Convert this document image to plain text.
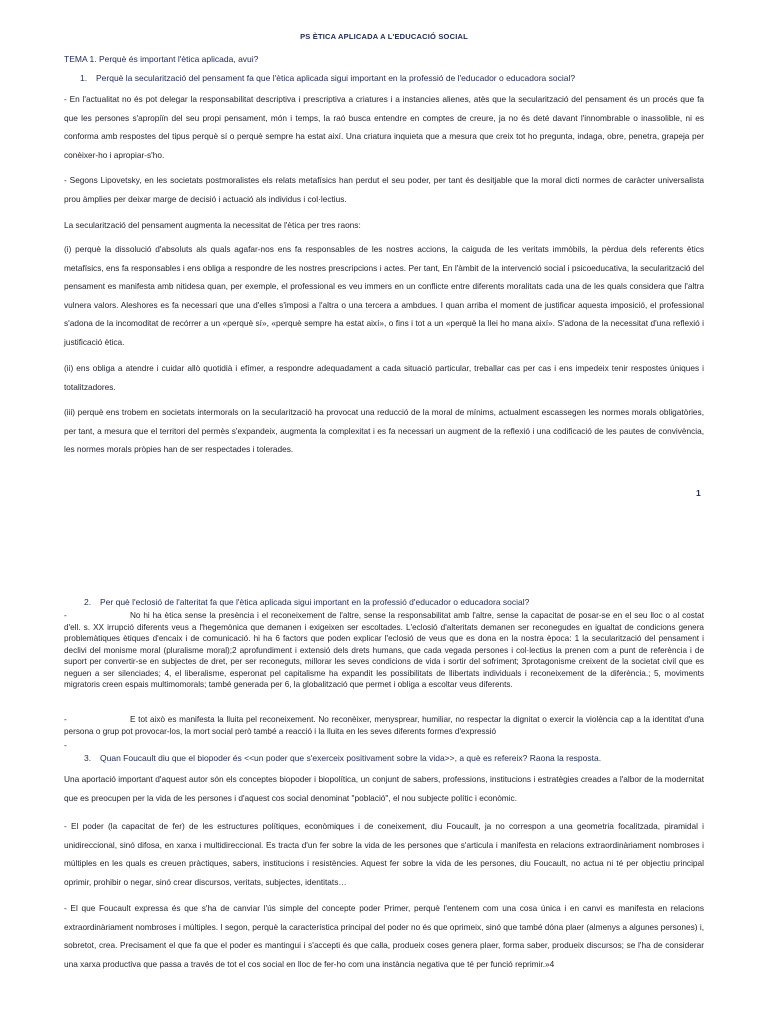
PS ÈTICA APLICADA A L'EDUCACIÓ SOCIAL
TEMA 1. Perquè és important l'ètica aplicada, avui?
1. Perquè la secularització del pensament fa que l'ètica aplicada sigui important en la professió de l'educador o educadora social?
- En l'actualitat no és pot delegar la responsabilitat descriptiva i prescriptiva a criatures i a instancies alienes, atès que la secularització del pensament és un procés que fa que les persones s'apropiïn del seu propi pensament, món i temps, la raó busca entendre en comptes de creure, ja no és deté davant l'innombrable o inassolible, ni es conforma amb respostes del tipus perquè sí o perquè sempre ha estat així. Una criatura inquieta que a mesura que creix tot ho pregunta, indaga, obre, penetra, grapeja per conèixer-ho i apropiar-s'ho.
- Segons Lipovetsky, en les societats postmoralistes els relats metafísics han perdut el seu poder, per tant és desitjable que la moral dicti normes de caràcter universalista prou àmplies per deixar marge de decisió i actuació als individus i col·lectius.
La secularització del pensament augmenta la necessitat de l'ètica per tres raons:
(i) perquè la dissolució d'absoluts als quals agafar-nos ens fa responsables de les nostres accions, la caiguda de les veritats immòbils, la pèrdua dels referents ètics metafísics, ens fa responsables i ens obliga a respondre de les nostres prescripcions i actes. Per tant, En l'àmbit de la intervenció social i psicoeducativa, la secularització del pensament es manifesta amb nitidesa quan, per exemple, el professional es veu immers en un conflicte entre diferents moralitats cada una de les quals considera que l'altra vulnera valors. Aleshores es fa necessari que una d'elles s'imposi a l'altra o una tercera a ambdues. I quan arriba el moment de justificar aquesta imposició, el professional s'adona de la incomoditat de recórrer a un «perquè sí», «perquè sempre ha estat així», o fins i tot a un «perquè la llei ho mana així». S'adona de la necessitat d'una reflexió i justificació ètica.
(ii) ens obliga a atendre i cuidar allò quotidià i efímer, a respondre adequadament a cada situació particular, treballar cas per cas i ens impedeix tenir respostes úniques i totalitzadores.
(iii) perquè ens trobem en societats intermorals on la secularització ha provocat una reducció de la moral de mínims, actualment escassegen les normes morals obligatòries, per tant, a mesura que el territori del permès s'expandeix, augmenta la complexitat i es fa necessari un augment de la reflexió i una codificació de les pautes de convivència, les normes morals pròpies han de ser respectades i tolerades.
1
2. Per què l'eclosió de l'alteritat fa que l'ètica aplicada sigui important en la professió d'educador o educadora social?
-	No hi ha ètica sense la presència i el reconeixement de l'altre, sense la responsabilitat amb l'altre, sense la capacitat de posar-se en el seu lloc o al costat d'ell. s. XX irrupció diferents veus a l'hegemònica que demanen i exigeixen ser escoltades. L'eclosió d'alteritats demanen ser reconegudes en igualtat de condicions genera problemàtiques ètiques d'encaix i de comunicació. hi ha 6 factors que poden explicar l'eclosió de veus que es dona en la nostra època: 1 la secularització del pensament i declivi del monisme moral (pluralisme moral);2 aprofundiment i extensió dels drets humans, que cada vegada persones i col·lectius la prenen com a punt de referència i de suport per convertir-se en subjectes de dret, per ser reconeguts, millorar les seves condicions de vida i sortir del sofriment; 3protagonisme creixent de la societat civil que es neguen a ser silenciades; 4, el liberalisme, esperonat pel capitalisme ha expandit les possibilitats de llibertats individuals i reconeixement de la diferència.; 5, moviments migratoris creen espais multimomorals; també generada per 6, la globalització que permet i obliga a escoltar veus diferents.
-	E tot això es manifesta la lluita pel reconeixement. No reconèixer, menysprear, humiliar, no respectar la dignitat o exercir la violència cap a la identitat d'una persona o grup pot provocar-los, la mort social però també a reacció i la lluita en les seves diferents formes d'expressió
-
3. Quan Foucault diu que el biopoder és <<un poder que s'exerceix positivament sobre la vida>>, a què es refereix? Raona la resposta.
Una aportació important d'aquest autor són els conceptes biopoder i biopolítica, un conjunt de sabers, professions, institucions i estratègies creades a l'albor de la modernitat que es preocupen per la vida de les persones i d'aquest cos social denominat "població", el nou subjecte polític i econòmic.
- El poder (la capacitat de fer) de les estructures polítiques, econòmiques i de coneixement, diu Foucault, ja no correspon a una geometria focalitzada, piramidal i unidireccional, sinó difosa, en xarxa i multidireccional. Es tracta d'un fer sobre la vida de les persones que s'articula i manifesta en relacions extraordinàriament nombroses i múltiples en les quals es creuen pràctiques, sabers, institucions i resistències. Aquest fer sobre la vida de les persones, diu Foucault, no actua ni té per objectiu principal oprimir, prohibir o negar, sinó crear discursos, veritats, subjectes, identitats…
- El que Foucault expressa és que s'ha de canviar l'ús simple del concepte poder Primer, perquè l'entenem com una cosa única i en canvi es manifesta en relacions extraordinàriament nombroses i múltiples. I segon, perquè la característica principal del poder no és que oprimeix, sinó que també dóna plaer (almenys a algunes persones) i, sobretot, crea. Precisament el que fa que el poder es mantingui i s'accepti és que calla, produeix coses genera plaer, forma saber, produeix discursos; se l'ha de considerar una xarxa productiva que passa a través de tot el cos social en lloc de fer-ho com una instància negativa que té per funció reprimir.»4
